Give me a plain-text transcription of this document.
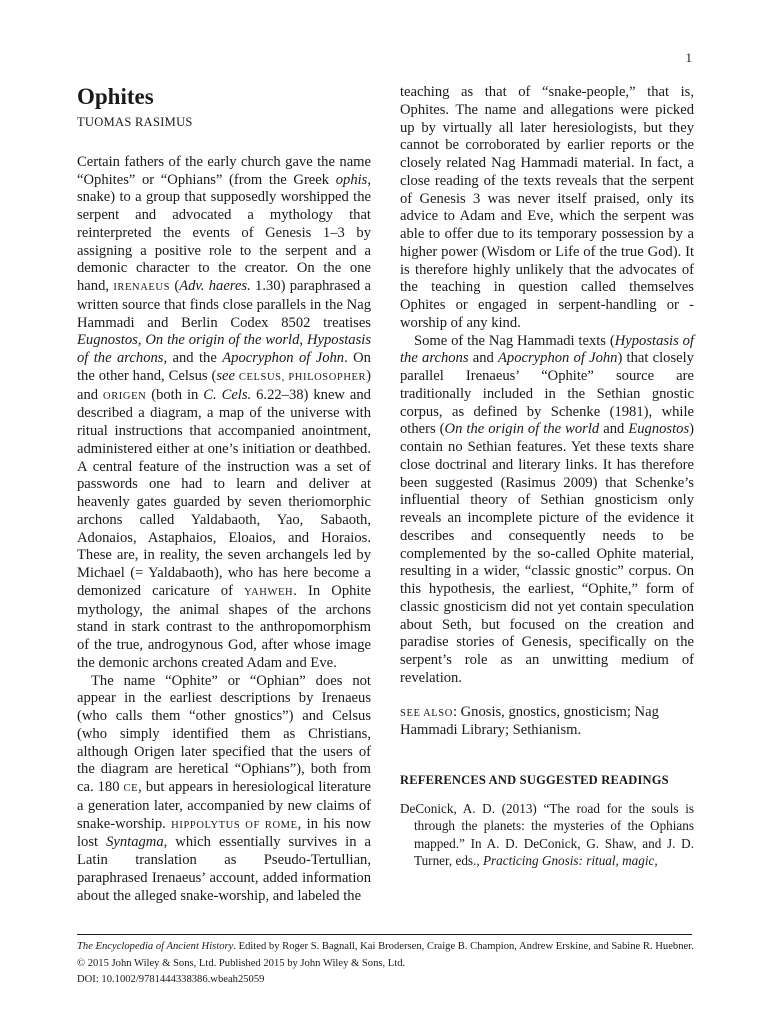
1
Ophites
TUOMAS RASIMUS

Certain fathers of the early church gave the name “Ophites” or “Ophians” (from the Greek ophis, snake) to a group that supposedly worshipped the serpent and advocated a mythology that reinterpreted the events of Genesis 1–3 by assigning a positive role to the serpent and a demonic character to the creator. On the one hand, IRENAEUS (Adv. haeres. 1.30) paraphrased a written source that finds close parallels in the Nag Hammadi and Berlin Codex 8502 treatises Eugnostos, On the origin of the world, Hypostasis of the archons, and the Apocryphon of John. On the other hand, Celsus (see CELSUS, PHILOSOPHER) and ORIGEN (both in C. Cels. 6.22–38) knew and described a diagram, a map of the universe with ritual instructions that accompanied anointment, administered either at one’s initiation or deathbed. A central feature of the instruction was a set of passwords one had to learn and deliver at heavenly gates guarded by seven theriomorphic archons called Yaldabaoth, Yao, Sabaoth, Adonaios, Astaphaios, Eloaios, and Horaios. These are, in reality, the seven archangels led by Michael (= Yaldabaoth), who has here become a demonized caricature of YAHWEH. In Ophite mythology, the animal shapes of the archons stand in stark contrast to the anthropomorphism of the true, androgynous God, after whose image the demonic archons created Adam and Eve.

The name “Ophite” or “Ophian” does not appear in the earliest descriptions by Irenaeus (who calls them “other gnostics”) and Celsus (who simply identified them as Christians, although Origen later specified that the users of the diagram are heretical “Ophians”), both from ca. 180 CE, but appears in heresiological literature a generation later, accompanied by new claims of snake-worship. HIPPOLYTUS OF ROME, in his now lost Syntagma, which essentially survives in a Latin translation as Pseudo-Tertullian, paraphrased Irenaeus’ account, added information about the alleged snake-worship, and labeled the

teaching as that of “snake-people,” that is, Ophites. The name and allegations were picked up by virtually all later heresiologists, but they cannot be corroborated by earlier reports or the closely related Nag Hammadi material. In fact, a close reading of the texts reveals that the serpent of Genesis 3 was never itself praised, only its advice to Adam and Eve, which the serpent was able to offer due to its temporary possession by a higher power (Wisdom or Life of the true God). It is therefore highly unlikely that the advocates of the teaching in question called themselves Ophites or engaged in serpent-handling or -worship of any kind.

Some of the Nag Hammadi texts (Hypostasis of the archons and Apocryphon of John) that closely parallel Irenaeus’ “Ophite” source are traditionally included in the Sethian gnostic corpus, as defined by Schenke (1981), while others (On the origin of the world and Eugnostos) contain no Sethian features. Yet these texts share close doctrinal and literary links. It has therefore been suggested (Rasimus 2009) that Schenke’s influential theory of Sethian gnosticism only reveals an incomplete picture of the evidence it describes and consequently needs to be complemented by the so-called Ophite material, resulting in a wider, “classic gnostic” corpus. On this hypothesis, the earliest, “Ophite,” form of classic gnosticism did not yet contain speculation about Seth, but focused on the creation and paradise stories of Genesis, specifically on the serpent’s role as an unwitting medium of revelation.

SEE ALSO: Gnosis, gnostics, gnosticism; Nag Hammadi Library; Sethianism.

REFERENCES AND SUGGESTED READINGS

DeConick, A. D. (2013) “The road for the souls is through the planets: the mysteries of the Ophians mapped.” In A. D. DeConick, G. Shaw, and J. D. Turner, eds., Practicing Gnosis: ritual, magic,

The Encyclopedia of Ancient History. Edited by Roger S. Bagnall, Kai Brodersen, Craige B. Champion, Andrew Erskine, and Sabine R. Huebner.
© 2015 John Wiley & Sons, Ltd. Published 2015 by John Wiley & Sons, Ltd.
DOI: 10.1002/9781444338386.wbeah25059
